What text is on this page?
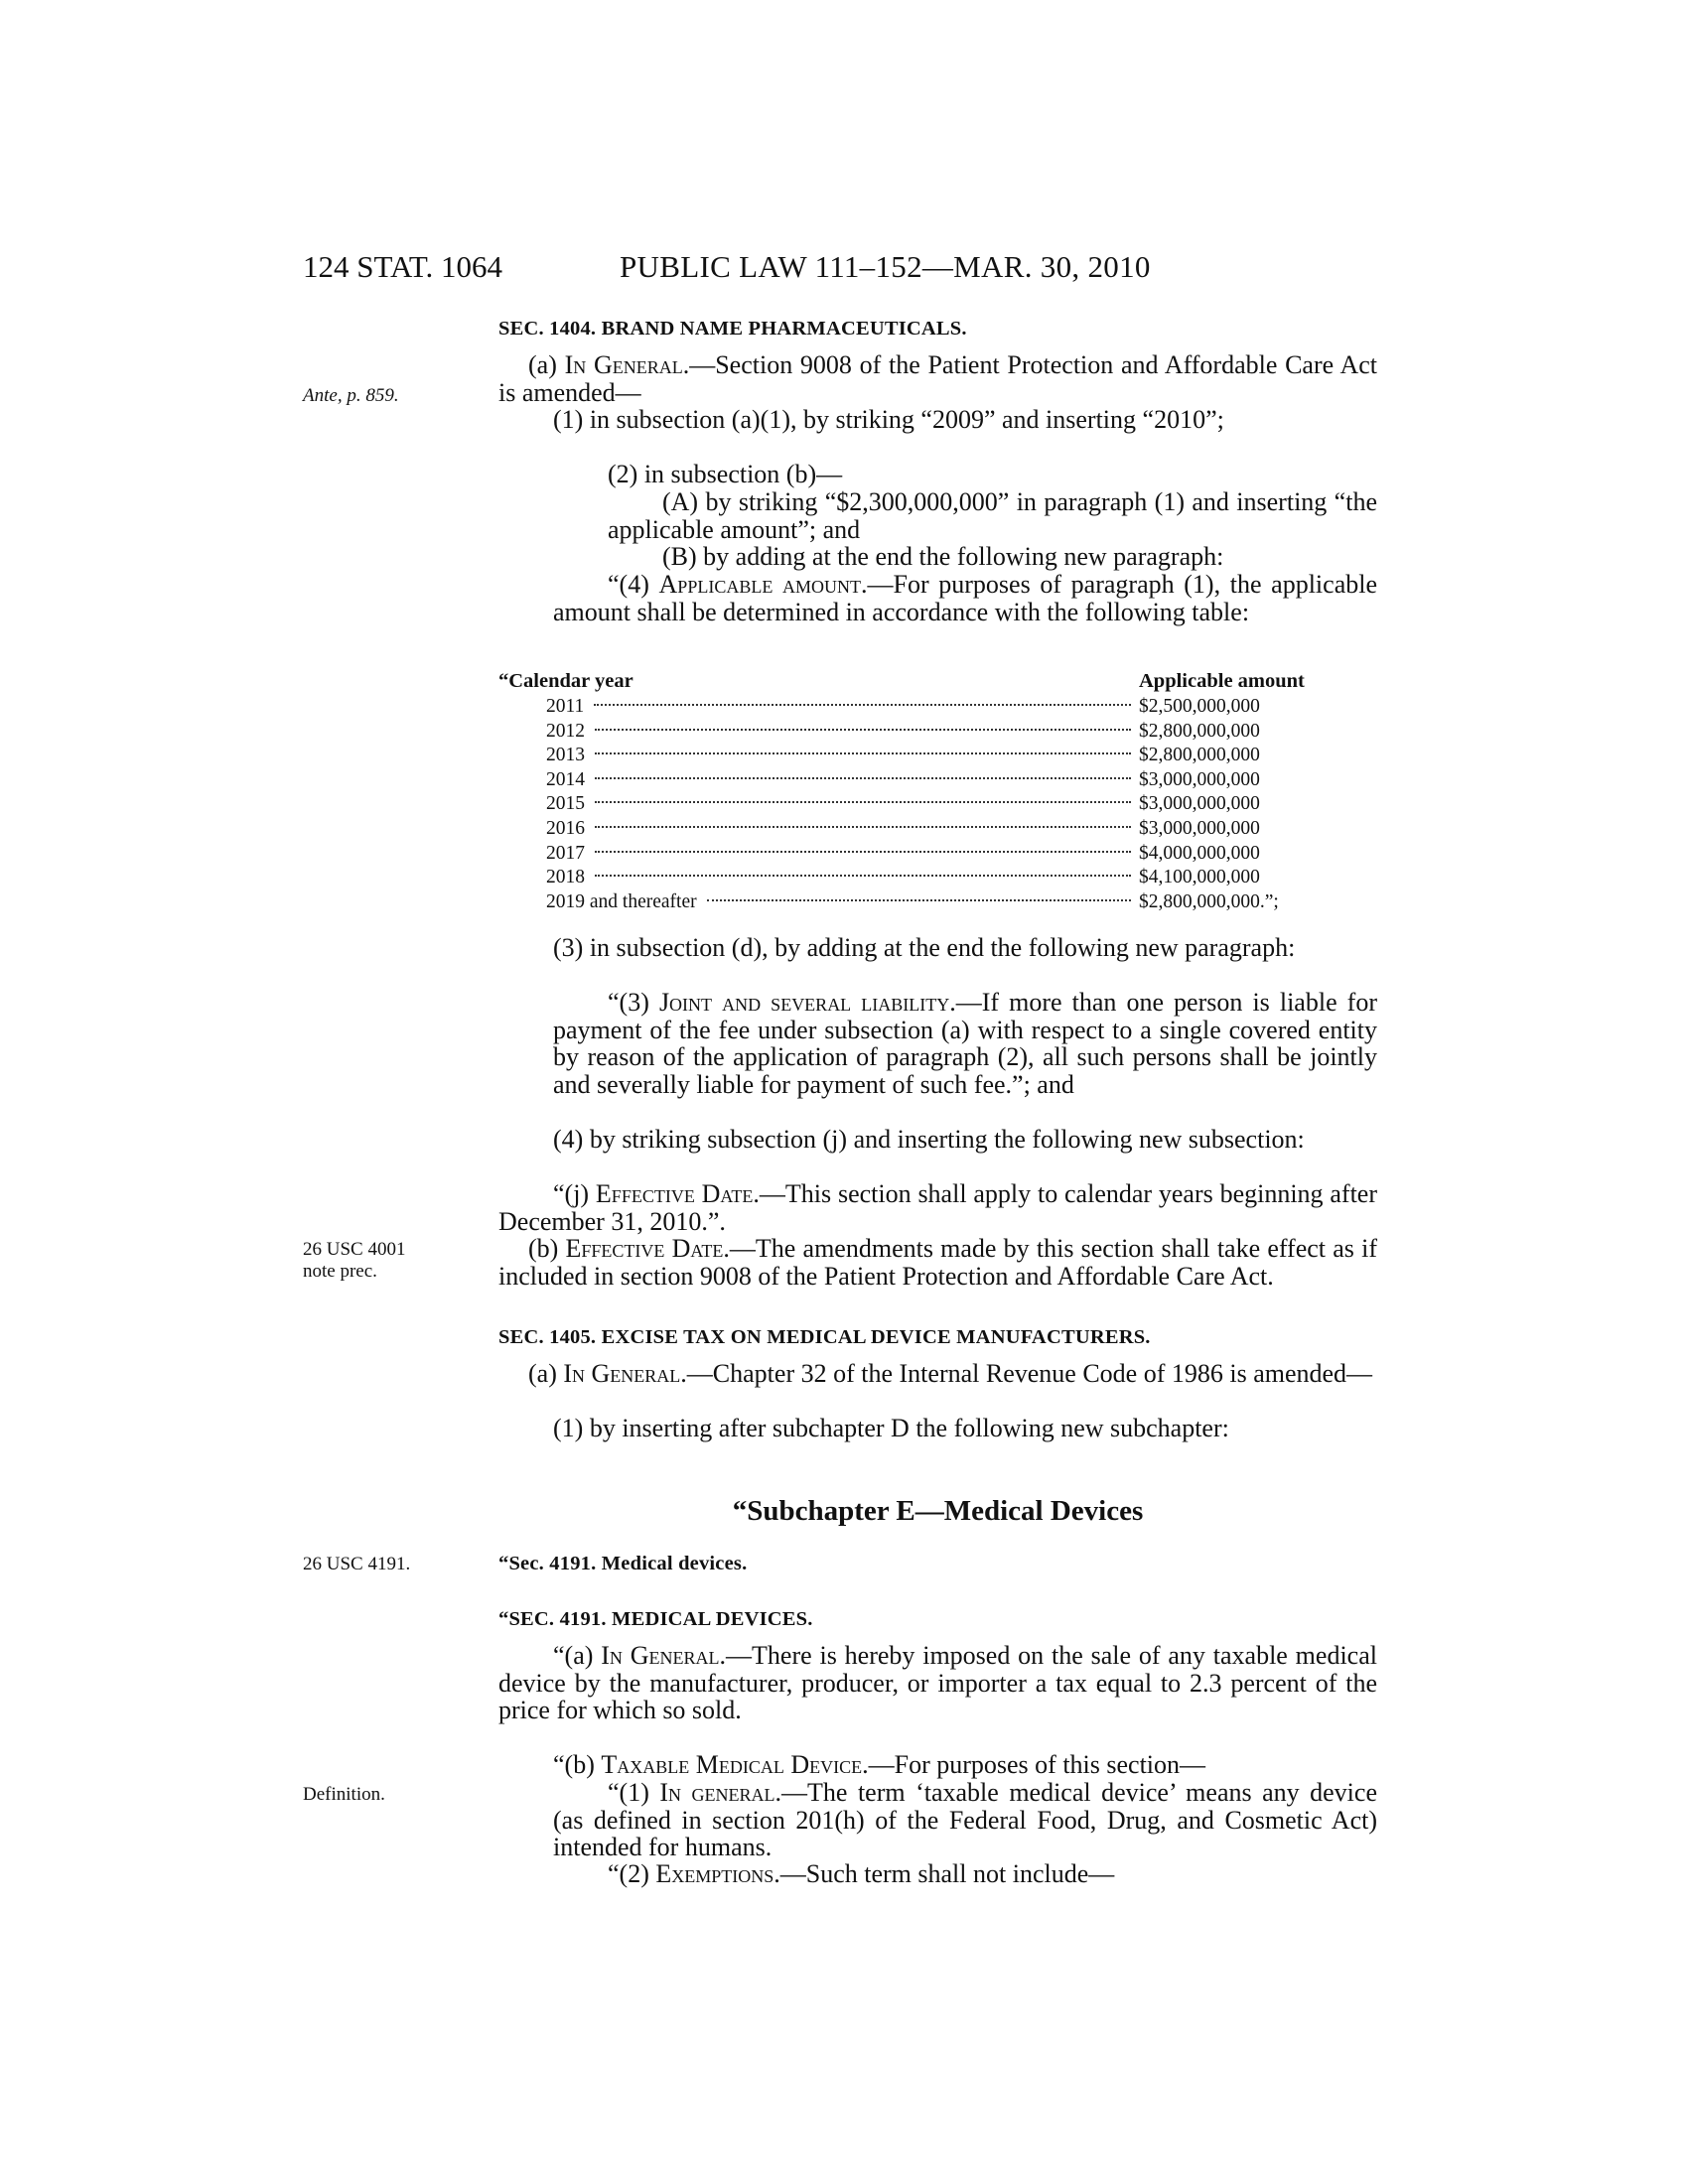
124 STAT. 1064	PUBLIC LAW 111–152—MAR. 30, 2010
SEC. 1404. BRAND NAME PHARMACEUTICALS.
Ante, p. 859.

(a) In General.—Section 9008 of the Patient Protection and Affordable Care Act is amended—

(1) in subsection (a)(1), by striking “2009” and inserting “2010”;

(2) in subsection (b)—

(A) by striking “$2,300,000,000” in paragraph (1) and inserting “the applicable amount”; and

(B) by adding at the end the following new paragraph:

“(4) Applicable amount.—For purposes of paragraph (1), the applicable amount shall be determined in accordance with the following table:

“Calendar year	Applicable amount
2011	$2,500,000,000
2012	$2,800,000,000
2013	$2,800,000,000
2014	$3,000,000,000
2015	$3,000,000,000
2016	$3,000,000,000
2017	$4,000,000,000
2018	$4,100,000,000
2019 and thereafter	$2,800,000,000.”;

(3) in subsection (d), by adding at the end the following new paragraph:

“(3) Joint and several liability.—If more than one person is liable for payment of the fee under subsection (a) with respect to a single covered entity by reason of the application of paragraph (2), all such persons shall be jointly and severally liable for payment of such fee.”; and

(4) by striking subsection (j) and inserting the following new subsection:

“(j) Effective Date.—This section shall apply to calendar years beginning after December 31, 2010.”.

26 USC 4001
note prec.

(b) Effective Date.—The amendments made by this section shall take effect as if included in section 9008 of the Patient Protection and Affordable Care Act.

SEC. 1405. EXCISE TAX ON MEDICAL DEVICE MANUFACTURERS.

(a) In General.—Chapter 32 of the Internal Revenue Code of 1986 is amended—

(1) by inserting after subchapter D the following new subchapter:

“Subchapter E—Medical Devices
26 USC 4191.	“Sec. 4191. Medical devices.
“SEC. 4191. MEDICAL DEVICES.

“(a) In General.—There is hereby imposed on the sale of any taxable medical device by the manufacturer, producer, or importer a tax equal to 2.3 percent of the price for which so sold.

“(b) Taxable Medical Device.—For purposes of this section—

Definition.	“(1) In general.—The term ‘taxable medical device’ means any device (as defined in section 201(h) of the Federal Food, Drug, and Cosmetic Act) intended for humans.

“(2) Exemptions.—Such term shall not include—
